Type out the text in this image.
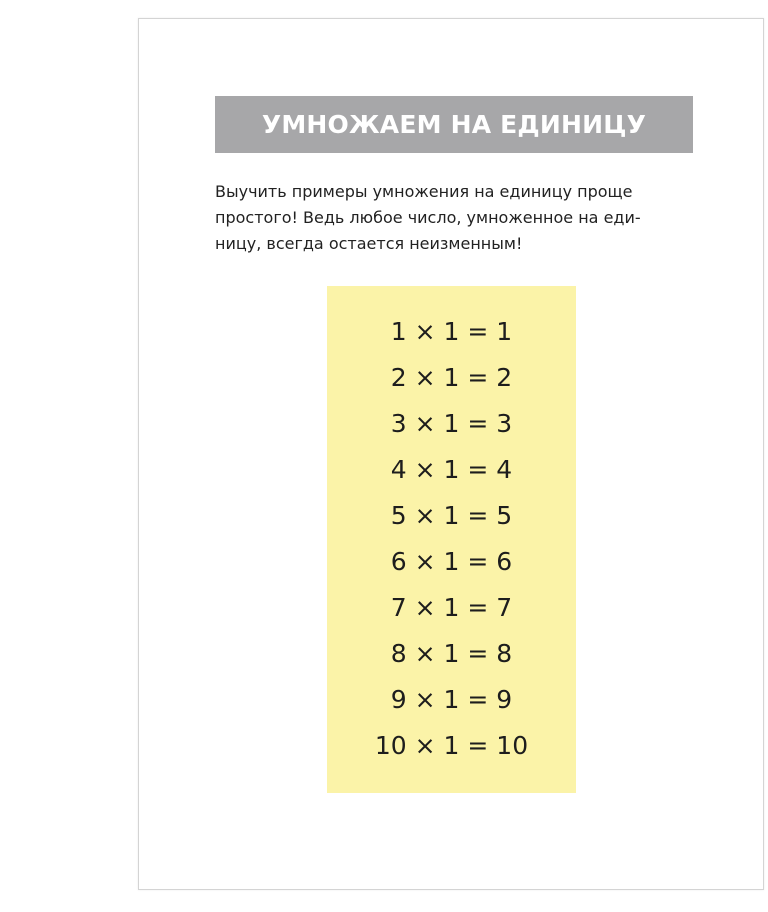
УМНОЖАЕМ НА ЕДИНИЦУ
Выучить примеры умножения на единицу проще
простого! Ведь любое число, умноженное на еди-
ницу, всегда остается неизменным!
1 × 1 = 1
2 × 1 = 2
3 × 1 = 3
4 × 1 = 4
5 × 1 = 5
6 × 1 = 6
7 × 1 = 7
8 × 1 = 8
9 × 1 = 9
10 × 1 = 10
